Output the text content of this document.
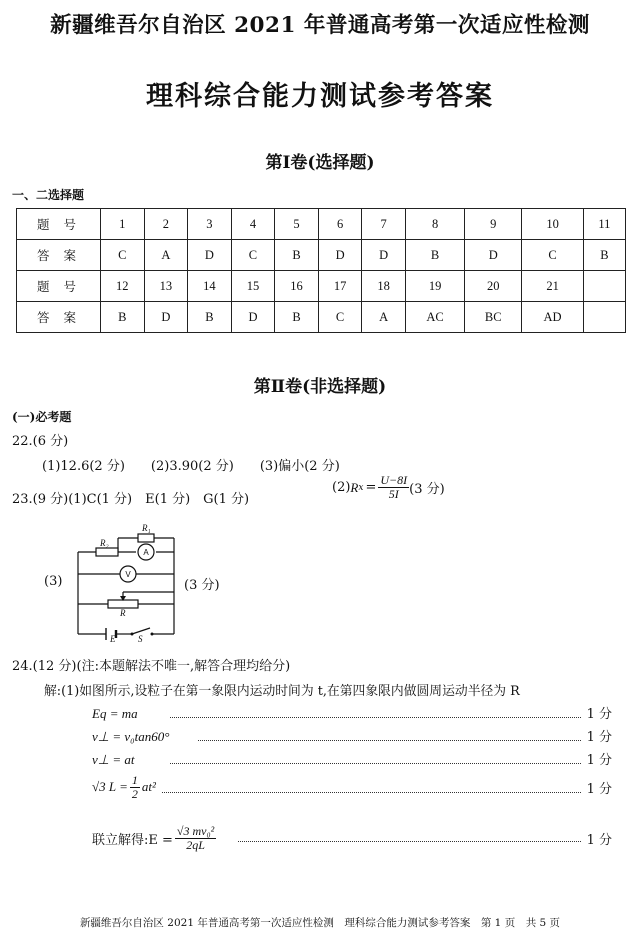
新疆维吾尔自治区 2021 年普通高考第一次适应性检测
理科综合能力测试参考答案
第Ⅰ卷(选择题)
一、二选择题
题号	1	2	3	4	5	6	7	8	9	10	11
答案	C	A	D	C	B	D	D	B	D	C	B
题号	12	13	14	15	16	17	18	19	20	21	
答案	B	D	B	D	B	C	A	AC	BC	AD	
第Ⅱ卷(非选择题)
(一)必考题
22.(6 分)
(1)12.6(2 分)　　(2)3.90(2 分)　　(3)偏小(2 分)
23.(9 分)(1)C(1 分)　E(1 分)　G(1 分)
(2) R $x = \frac{U-8I}{5I} (3$ 分)
(3)	(3 分)
R₂
R₁
R
E	S
A
V
24.(12 分)(注:本题解法不唯一,解答合理均给分)
解:(1)如图所示,设粒子在第一象限内运动时间为 t,在第四象限内做圆周运动半径为 R
Eq = ma	1 分
v⊥ = v₀tan60°	1 分
v⊥ = at	1 分
√3 $L = \frac{1}{2} at^2$	1 分
联立解得:E = $\frac{\text{√3 mv₀²}}{2qL}$	1 分
新疆维吾尔自治区 2021 年普通高考第一次适应性检测　理科综合能力测试参考答案　第 1 页　共 5 页
